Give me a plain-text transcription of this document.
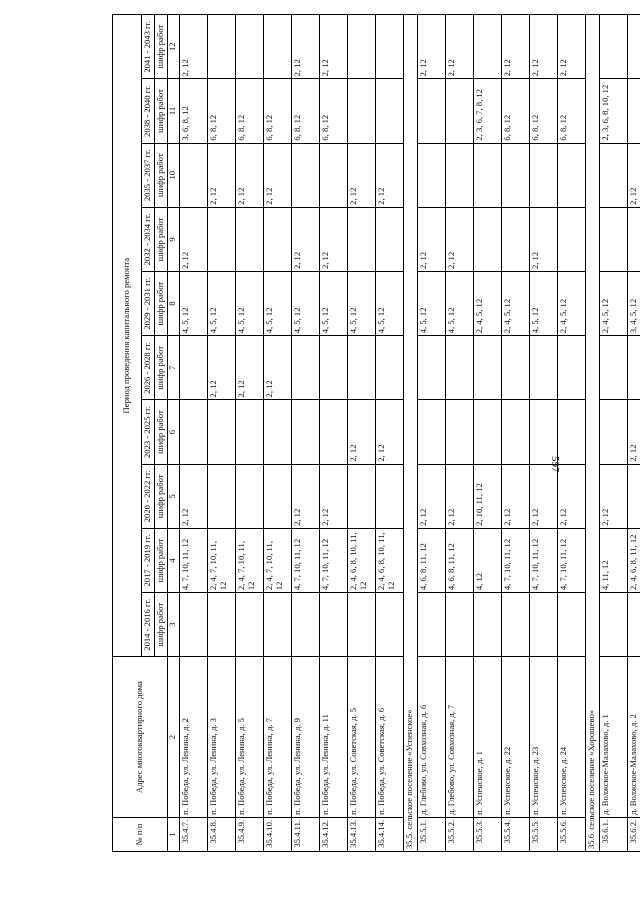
597
№ п/п	Адрес многоквартирного дома	Период проведения капитального ремонта									
		2014 - 2016 гг.	2017 - 2019 гг.	2020 - 2022 гг.	2023 - 2025 гг.	2026 - 2028 гг.	2029 - 2031 гг.	2032 - 2034 гг.	2035 - 2037 гг.	2038 - 2040 гг.	2041 - 2043 гг.
		шифр работ	шифр работ	шифр работ	шифр работ	шифр работ	шифр работ	шифр работ	шифр работ	шифр работ	шифр работ
1	2	3	4	5	6	7	8	9	10	11	12
35.4.7.	п. Победа, ул. Ленина, д. 2		4, 7, 10, 11, 12	2, 12			4, 5, 12	2, 12		3, 6, 8, 12	2, 12
35.4.8.	п. Победа, ул. Ленина, д. 3		2, 4, 7, 10, 11, 12			2, 12	4, 5, 12		2, 12	6, 8, 12	
35.4.9.	п. Победа, ул. Ленина, д. 5		2, 4, 7, 10, 11, 12			2, 12	4, 5, 12		2, 12	6, 8, 12	
35.4.10.	п. Победа, ул. Ленина, д. 7		2, 4, 7, 10, 11, 12			2, 12	4, 5, 12		2, 12	6, 8, 12	
35.4.11.	п. Победа, ул. Ленина, д. 9		4, 7, 10, 11, 12	2, 12			4, 5, 12	2, 12		6, 8, 12	2, 12
35.4.12.	п. Победа, ул. Ленина, д. 11		4, 7, 10, 11, 12	2, 12			4, 5, 12	2, 12		6, 8, 12	2, 12
35.4.13.	п. Победа, ул. Советская, д. 5		2, 4, 6, 8, 10, 11, 12		2, 12		4, 5, 12		2, 12		
35.4.14.	п. Победа, ул. Советская, д. 6		2, 4, 6, 8, 10, 11, 12		2, 12		4, 5, 12		2, 12		
35.5. сельское поселение «Успенское»											
35.5.1.	д. Глебово, ул. Совхозная, д. 6		4, 6, 8, 11, 12	2, 12			4, 5, 12	2, 12			2, 12
35.5.2.	д. Глебово, ул. Совхозная, д. 7		4, 6, 8, 11, 12	2, 12			4, 5, 12	2, 12			2, 12
35.5.3.	п. Успенское, д. 1		4, 12	2, 10, 11, 12			2, 4, 5, 12			2, 3, 6, 7, 8, 12	
35.5.4.	п. Успенское, д. 22		4, 7, 10, 11, 12	2, 12			2, 4, 5, 12			6, 8, 12	2, 12
35.5.5.	п. Успенское, д. 23		4, 7, 10, 11, 12	2, 12			4, 5, 12	2, 12		6, 8, 12	2, 12
35.5.6.	п. Успенское, д. 24		4, 7, 10, 11, 12	2, 12			2, 4, 5, 12			6, 8, 12	2, 12
35.6. сельское поселение «Хорошево»											
35.6.1.	д. Волжское-Малахово, д. 1		4, 11, 12	2, 12			2, 4, 5, 12			2, 3, 6, 8, 10, 12	
35.6.2.	д. Волжское-Малахово, д. 2		2, 4, 6, 8, 11, 12		2, 12		3, 4, 5, 12		2, 12		
